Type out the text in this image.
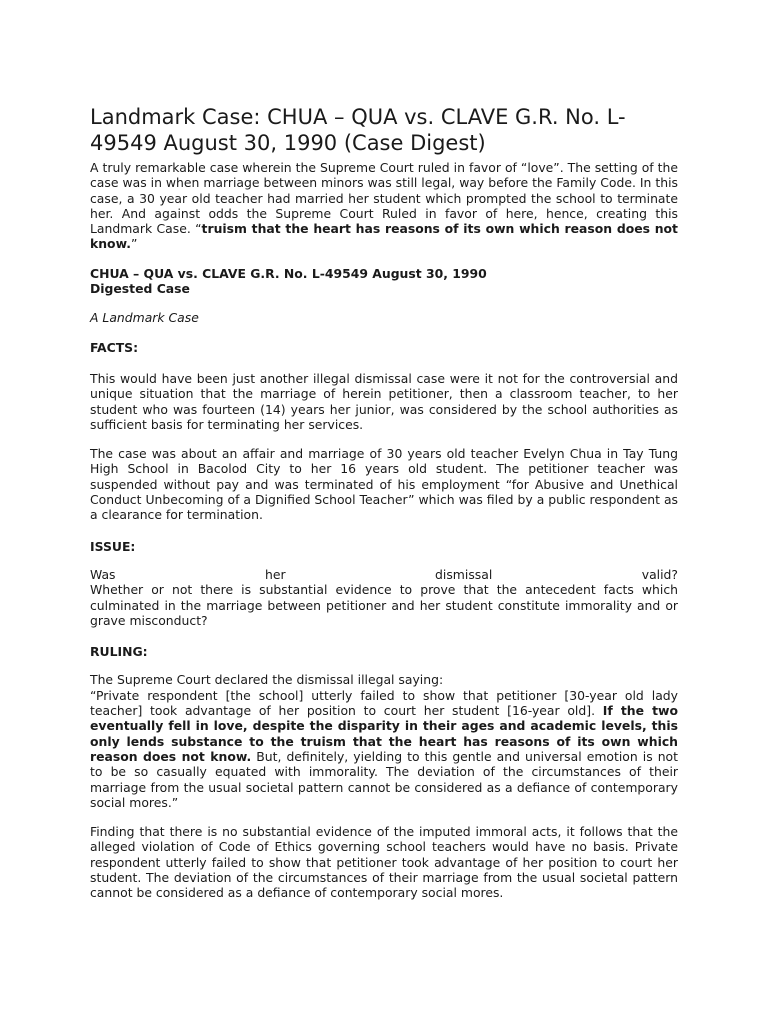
Landmark Case: CHUA – QUA vs. CLAVE G.R. No. L-49549 August 30, 1990 (Case Digest)

A truly remarkable case wherein the Supreme Court ruled in favor of “love”. The setting of the case was in when marriage between minors was still legal, way before the Family Code. In this case, a 30 year old teacher had married her student which prompted the school to terminate her. And against odds the Supreme Court Ruled in favor of here, hence, creating this Landmark Case. “truism that the heart has reasons of its own which reason does not know.”

CHUA – QUA vs. CLAVE G.R. No. L-49549 August 30, 1990

Digested Case

A Landmark Case

FACTS:

This would have been just another illegal dismissal case were it not for the controversial and unique situation that the marriage of herein petitioner, then a classroom teacher, to her student who was fourteen (14) years her junior, was considered by the school authorities as sufficient basis for terminating her services.

The case was about an affair and marriage of 30 years old teacher Evelyn Chua in Tay Tung High School in Bacolod City to her 16 years old student. The petitioner teacher was suspended without pay and was terminated of his employment “for Abusive and Unethical Conduct Unbecoming of a Dignified School Teacher” which was filed by a public respondent as a clearance for termination.

ISSUE:

Was her dismissal valid?

Whether or not there is substantial evidence to prove that the antecedent facts which culminated in the marriage between petitioner and her student constitute immorality and or grave misconduct?

RULING:

The Supreme Court declared the dismissal illegal saying:

“Private respondent [the school] utterly failed to show that petitioner [30-year old lady teacher] took advantage of her position to court her student [16-year old]. If the two eventually fell in love, despite the disparity in their ages and academic levels, this only lends substance to the truism that the heart has reasons of its own which reason does not know. But, definitely, yielding to this gentle and universal emotion is not to be so casually equated with immorality. The deviation of the circumstances of their marriage from the usual societal pattern cannot be considered as a defiance of contemporary social mores.”

Finding that there is no substantial evidence of the imputed immoral acts, it follows that the alleged violation of Code of Ethics governing school teachers would have no basis. Private respondent utterly failed to show that petitioner took advantage of her position to court her student. The deviation of the circumstances of their marriage from the usual societal pattern cannot be considered as a defiance of contemporary social mores.
